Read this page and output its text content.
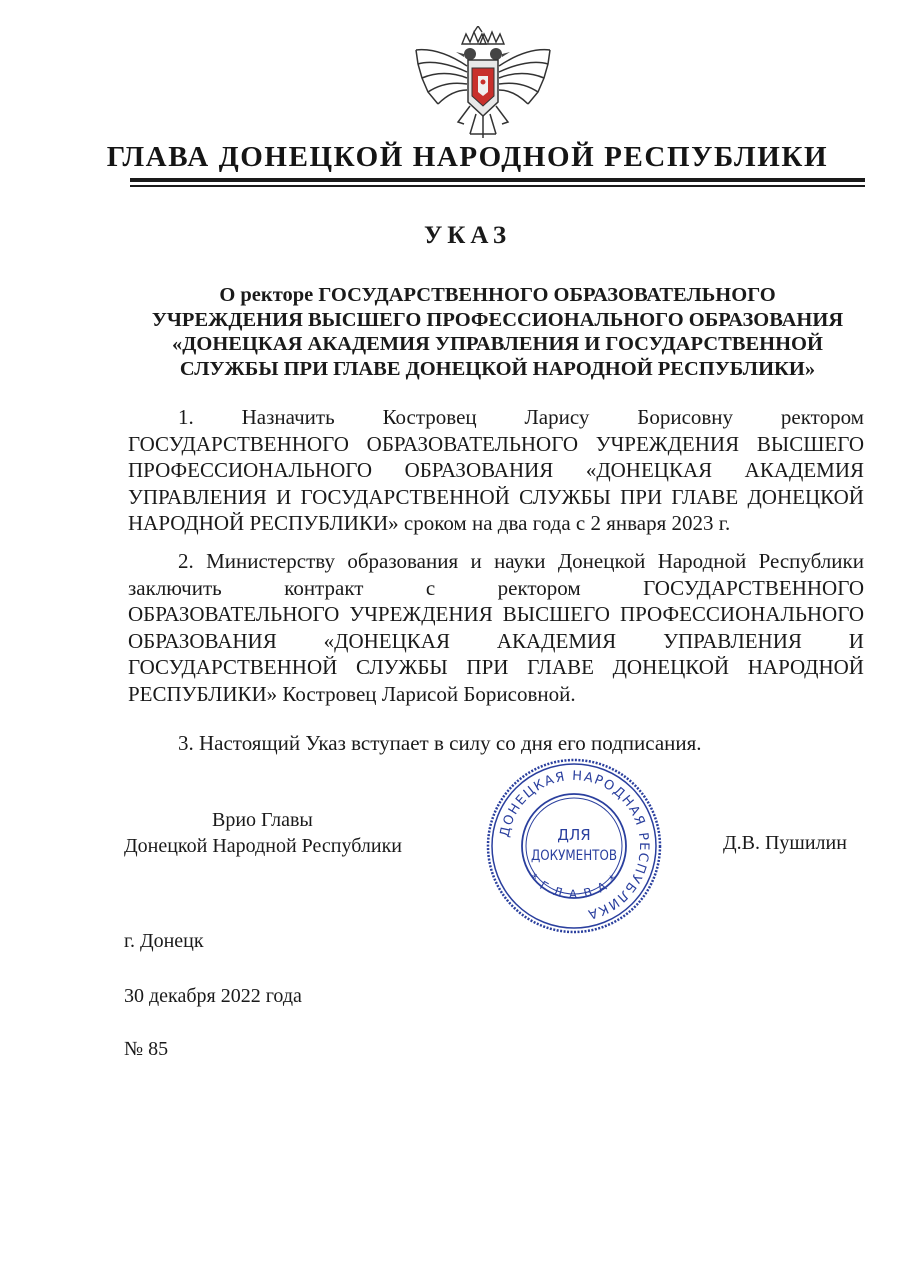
ГЛАВА ДОНЕЦКОЙ НАРОДНОЙ РЕСПУБЛИКИ
УКАЗ
О ректоре ГОСУДАРСТВЕННОГО ОБРАЗОВАТЕЛЬНОГО
УЧРЕЖДЕНИЯ ВЫСШЕГО ПРОФЕССИОНАЛЬНОГО ОБРАЗОВАНИЯ
«ДОНЕЦКАЯ АКАДЕМИЯ УПРАВЛЕНИЯ И ГОСУДАРСТВЕННОЙ
СЛУЖБЫ ПРИ ГЛАВЕ ДОНЕЦКОЙ НАРОДНОЙ РЕСПУБЛИКИ»
1. Назначить Костровец Ларису Борисовну ректором
ГОСУДАРСТВЕННОГО ОБРАЗОВАТЕЛЬНОГО УЧРЕЖДЕНИЯ ВЫСШЕГО
ПРОФЕССИОНАЛЬНОГО ОБРАЗОВАНИЯ «ДОНЕЦКАЯ АКАДЕМИЯ
УПРАВЛЕНИЯ И ГОСУДАРСТВЕННОЙ СЛУЖБЫ ПРИ ГЛАВЕ ДОНЕЦКОЙ
НАРОДНОЙ РЕСПУБЛИКИ» сроком на два года с 2 января 2023 г.
2. Министерству образования и науки Донецкой Народной Республики
заключить	контракт	с	ректором	ГОСУДАРСТВЕННОГО
ОБРАЗОВАТЕЛЬНОГО УЧРЕЖДЕНИЯ ВЫСШЕГО ПРОФЕССИОНАЛЬНОГО
ОБРАЗОВАНИЯ «ДОНЕЦКАЯ АКАДЕМИЯ УПРАВЛЕНИЯ И
ГОСУДАРСТВЕННОЙ СЛУЖБЫ ПРИ ГЛАВЕ ДОНЕЦКОЙ НАРОДНОЙ
РЕСПУБЛИКИ» Костровец Ларисой Борисовной.
3. Настоящий Указ вступает в силу со дня его подписания.
Врио Главы
Донецкой Народной Республики
ДОНЕЦКАЯ НАРОДНАЯ РЕСПУБЛИКА
* Г Л А В А *
ДЛЯ
ДОКУМЕНТОВ
Д.В. Пушилин
г. Донецк
30 декабря 2022 года
№ 85
